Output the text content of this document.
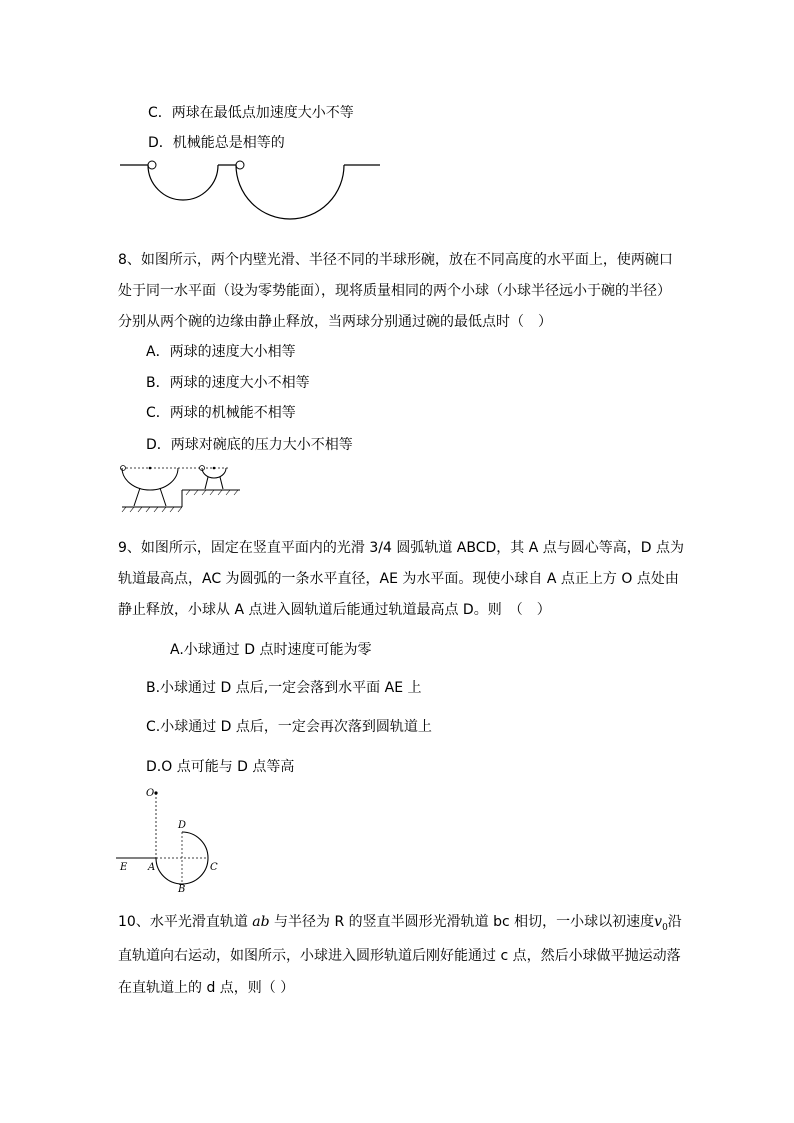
C．两球在最低点加速度大小不等
D．机械能总是相等的
8、如图所示，两个内壁光滑、半径不同的半球形碗，放在不同高度的水平面上，使两碗口
处于同一水平面（设为零势能面），现将质量相同的两个小球（小球半径远小于碗的半径）
分别从两个碗的边缘由静止释放，当两球分别通过碗的最低点时（　）
A．两球的速度大小相等
B．两球的速度大小不相等
C．两球的机械能不相等
D．两球对碗底的压力大小不相等
9、如图所示，固定在竖直平面内的光滑 3/4 圆弧轨道 ABCD，其 A 点与圆心等高，D 点为
轨道最高点，AC 为圆弧的一条水平直径，AE 为水平面。现使小球自 A 点正上方 O 点处由
静止释放，小球从 A 点进入圆轨道后能通过轨道最高点 D。则　（　）
A.小球通过 D 点时速度可能为零
B.小球通过 D 点后,一定会落到水平面 AE 上
C.小球通过 D 点后，一定会再次落到圆轨道上
D.O 点可能与 D 点等高
O
D
E A	C
B
10、水平光滑直轨道 ab 与半径为 R 的竖直半圆形光滑轨道 bc 相切，一小球以初速度$v_0$沿
直轨道向右运动，如图所示，小球进入圆形轨道后刚好能通过 c 点，然后小球做平抛运动落
在直轨道上的 d 点，则（ ）
